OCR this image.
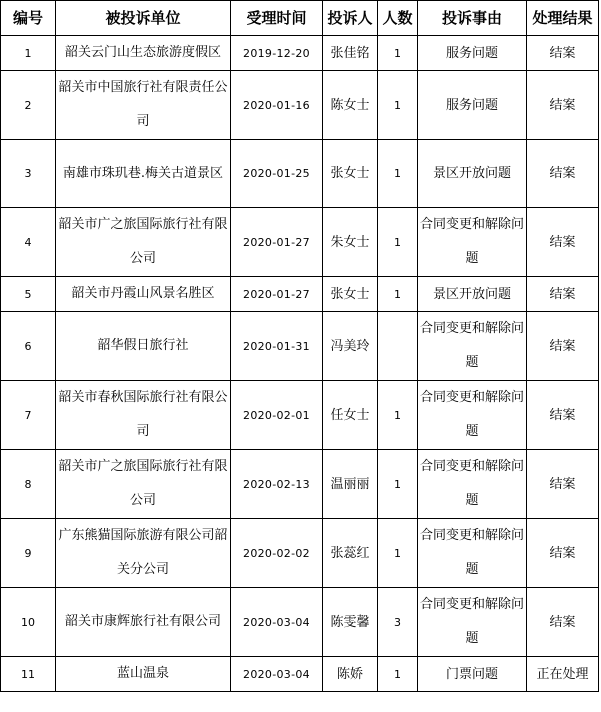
编号	被投诉单位	受理时间	投诉人	人数	投诉事由	处理结果
1	韶关云门山生态旅游度假区	2019-12-20	张佳铭	1	服务问题	结案
2	韶关市中国旅行社有限责任公司	2020-01-16	陈女士	1	服务问题	结案
3	南雄市珠玑巷.梅关古道景区	2020-01-25	张女士	1	景区开放问题	结案
4	韶关市广之旅国际旅行社有限公司	2020-01-27	朱女士	1	合同变更和解除问题	结案
5	韶关市丹霞山风景名胜区	2020-01-27	张女士	1	景区开放问题	结案
6	韶华假日旅行社	2020-01-31	冯美玲		合同变更和解除问题	结案
7	韶关市春秋国际旅行社有限公司	2020-02-01	任女士	1	合同变更和解除问题	结案
8	韶关市广之旅国际旅行社有限公司	2020-02-13	温丽丽	1	合同变更和解除问题	结案
9	广东熊猫国际旅游有限公司韶关分公司	2020-02-02	张蕊红	1	合同变更和解除问题	结案
10	韶关市康辉旅行社有限公司	2020-03-04	陈雯馨	3	合同变更和解除问题	结案
11	蓝山温泉	2020-03-04	陈娇	1	门票问题	正在处理
